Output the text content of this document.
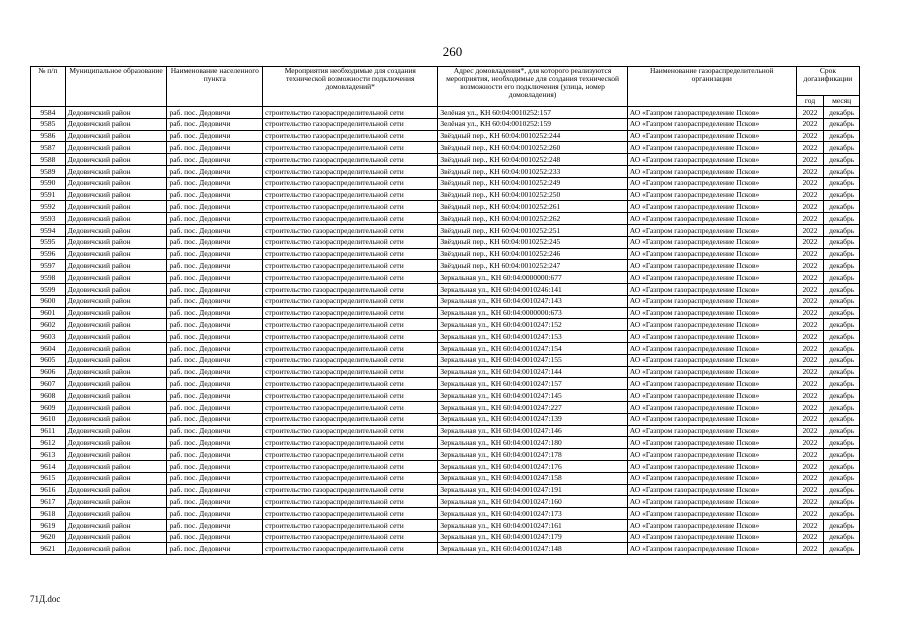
260
№ п/п	Муниципальное образование	Наименование населенного пункта	Мероприятия необходимые для создания технической возможности подключения домовладений*	Адрес домовладения*, для которого реализуются мероприятия, необходимые для создания технической возможности его подключения (улица, номер домовладения)	Наименование газораспределительной организации	Срок догазификации	
						год	месяц
9584	Дедовичский район	раб. пос. Дедовичи	строительство газораспределительной сети	Зелёная ул., КН 60:04:0010252:157	АО «Газпром газораспределение Псков»	2022	декабрь
9585	Дедовичский район	раб. пос. Дедовичи	строительство газораспределительной сети	Зелёная ул., КН 60:04:0010252:159	АО «Газпром газораспределение Псков»	2022	декабрь
9586	Дедовичский район	раб. пос. Дедовичи	строительство газораспределительной сети	Звёздный пер., КН 60:04:0010252:244	АО «Газпром газораспределение Псков»	2022	декабрь
9587	Дедовичский район	раб. пос. Дедовичи	строительство газораспределительной сети	Звёздный пер., КН 60:04:0010252:260	АО «Газпром газораспределение Псков»	2022	декабрь
9588	Дедовичский район	раб. пос. Дедовичи	строительство газораспределительной сети	Звёздный пер., КН 60:04:0010252:248	АО «Газпром газораспределение Псков»	2022	декабрь
9589	Дедовичский район	раб. пос. Дедовичи	строительство газораспределительной сети	Звёздный пер., КН 60:04:0010252:233	АО «Газпром газораспределение Псков»	2022	декабрь
9590	Дедовичский район	раб. пос. Дедовичи	строительство газораспределительной сети	Звёздный пер., КН 60:04:0010252:249	АО «Газпром газораспределение Псков»	2022	декабрь
9591	Дедовичский район	раб. пос. Дедовичи	строительство газораспределительной сети	Звёздный пер., КН 60:04:0010252:250	АО «Газпром газораспределение Псков»	2022	декабрь
9592	Дедовичский район	раб. пос. Дедовичи	строительство газораспределительной сети	Звёздный пер., КН 60:04:0010252:261	АО «Газпром газораспределение Псков»	2022	декабрь
9593	Дедовичский район	раб. пос. Дедовичи	строительство газораспределительной сети	Звёздный пер., КН 60:04:0010252:262	АО «Газпром газораспределение Псков»	2022	декабрь
9594	Дедовичский район	раб. пос. Дедовичи	строительство газораспределительной сети	Звёздный пер., КН 60:04:0010252:251	АО «Газпром газораспределение Псков»	2022	декабрь
9595	Дедовичский район	раб. пос. Дедовичи	строительство газораспределительной сети	Звёздный пер., КН 60:04:0010252:245	АО «Газпром газораспределение Псков»	2022	декабрь
9596	Дедовичский район	раб. пос. Дедовичи	строительство газораспределительной сети	Звёздный пер., КН 60:04:0010252:246	АО «Газпром газораспределение Псков»	2022	декабрь
9597	Дедовичский район	раб. пос. Дедовичи	строительство газораспределительной сети	Звёздный пер., КН 60:04:0010252:247	АО «Газпром газораспределение Псков»	2022	декабрь
9598	Дедовичский район	раб. пос. Дедовичи	строительство газораспределительной сети	Зеркальная ул., КН 60:04:0000000:677	АО «Газпром газораспределение Псков»	2022	декабрь
9599	Дедовичский район	раб. пос. Дедовичи	строительство газораспределительной сети	Зеркальная ул., КН 60:04:0010246:141	АО «Газпром газораспределение Псков»	2022	декабрь
9600	Дедовичский район	раб. пос. Дедовичи	строительство газораспределительной сети	Зеркальная ул., КН 60:04:0010247:143	АО «Газпром газораспределение Псков»	2022	декабрь
9601	Дедовичский район	раб. пос. Дедовичи	строительство газораспределительной сети	Зеркальная ул., КН 60:04:0000000:673	АО «Газпром газораспределение Псков»	2022	декабрь
9602	Дедовичский район	раб. пос. Дедовичи	строительство газораспределительной сети	Зеркальная ул., КН 60:04:0010247:152	АО «Газпром газораспределение Псков»	2022	декабрь
9603	Дедовичский район	раб. пос. Дедовичи	строительство газораспределительной сети	Зеркальная ул., КН 60:04:0010247:153	АО «Газпром газораспределение Псков»	2022	декабрь
9604	Дедовичский район	раб. пос. Дедовичи	строительство газораспределительной сети	Зеркальная ул., КН 60:04:0010247:154	АО «Газпром газораспределение Псков»	2022	декабрь
9605	Дедовичский район	раб. пос. Дедовичи	строительство газораспределительной сети	Зеркальная ул., КН 60:04:0010247:155	АО «Газпром газораспределение Псков»	2022	декабрь
9606	Дедовичский район	раб. пос. Дедовичи	строительство газораспределительной сети	Зеркальная ул., КН 60:04:0010247:144	АО «Газпром газораспределение Псков»	2022	декабрь
9607	Дедовичский район	раб. пос. Дедовичи	строительство газораспределительной сети	Зеркальная ул., КН 60:04:0010247:157	АО «Газпром газораспределение Псков»	2022	декабрь
9608	Дедовичский район	раб. пос. Дедовичи	строительство газораспределительной сети	Зеркальная ул., КН 60:04:0010247:145	АО «Газпром газораспределение Псков»	2022	декабрь
9609	Дедовичский район	раб. пос. Дедовичи	строительство газораспределительной сети	Зеркальная ул., КН 60:04:0010247:227	АО «Газпром газораспределение Псков»	2022	декабрь
9610	Дедовичский район	раб. пос. Дедовичи	строительство газораспределительной сети	Зеркальная ул., КН 60:04:0010247:139	АО «Газпром газораспределение Псков»	2022	декабрь
9611	Дедовичский район	раб. пос. Дедовичи	строительство газораспределительной сети	Зеркальная ул., КН 60:04:0010247:146	АО «Газпром газораспределение Псков»	2022	декабрь
9612	Дедовичский район	раб. пос. Дедовичи	строительство газораспределительной сети	Зеркальная ул., КН 60:04:0010247:180	АО «Газпром газораспределение Псков»	2022	декабрь
9613	Дедовичский район	раб. пос. Дедовичи	строительство газораспределительной сети	Зеркальная ул., КН 60:04:0010247:178	АО «Газпром газораспределение Псков»	2022	декабрь
9614	Дедовичский район	раб. пос. Дедовичи	строительство газораспределительной сети	Зеркальная ул., КН 60:04:0010247:176	АО «Газпром газораспределение Псков»	2022	декабрь
9615	Дедовичский район	раб. пос. Дедовичи	строительство газораспределительной сети	Зеркальная ул., КН 60:04:0010247:158	АО «Газпром газораспределение Псков»	2022	декабрь
9616	Дедовичский район	раб. пос. Дедовичи	строительство газораспределительной сети	Зеркальная ул., КН 60:04:0010247:191	АО «Газпром газораспределение Псков»	2022	декабрь
9617	Дедовичский район	раб. пос. Дедовичи	строительство газораспределительной сети	Зеркальная ул., КН 60:04:0010247:160	АО «Газпром газораспределение Псков»	2022	декабрь
9618	Дедовичский район	раб. пос. Дедовичи	строительство газораспределительной сети	Зеркальная ул., КН 60:04:0010247:173	АО «Газпром газораспределение Псков»	2022	декабрь
9619	Дедовичский район	раб. пос. Дедовичи	строительство газораспределительной сети	Зеркальная ул., КН 60:04:0010247:161	АО «Газпром газораспределение Псков»	2022	декабрь
9620	Дедовичский район	раб. пос. Дедовичи	строительство газораспределительной сети	Зеркальная ул., КН 60:04:0010247:179	АО «Газпром газораспределение Псков»	2022	декабрь
9621	Дедовичский район	раб. пос. Дедовичи	строительство газораспределительной сети	Зеркальная ул., КН 60:04:0010247:148	АО «Газпром газораспределение Псков»	2022	декабрь
71Д.doc
